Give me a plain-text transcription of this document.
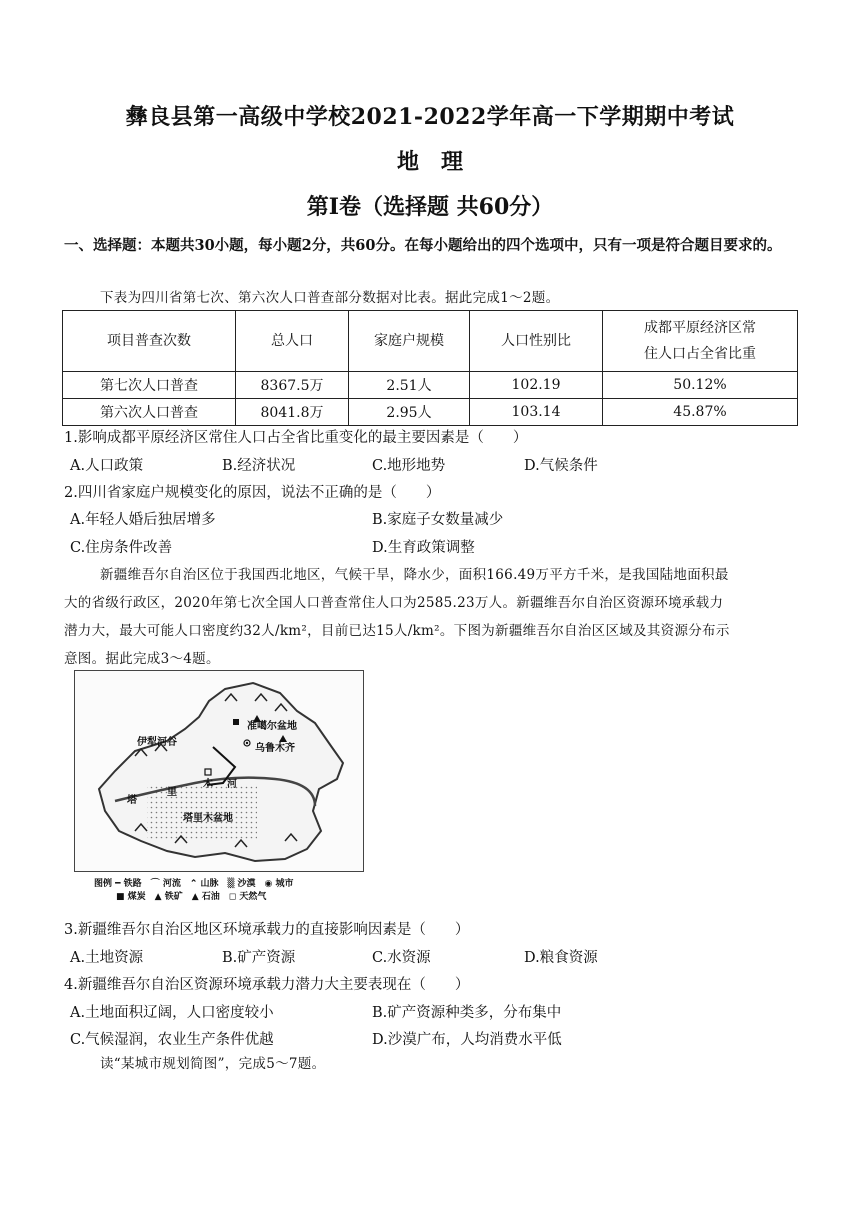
彝良县第一高级中学校2021-2022学年高一下学期期中考试
地　理
第Ⅰ卷（选择题 共60分）
一、选择题：本题共30小题，每小题2分，共60分。在每小题给出的四个选项中，只有一项是符合题目要求的。
下表为四川省第七次、第六次人口普查部分数据对比表。据此完成1～2题。
项目普查次数	总人口	家庭户规模	人口性别比	成都平原经济区常
住人口占全省比重

第七次人口普查	8367.5万	2.51人	102.19	50.12%
第六次人口普查	8041.8万	2.95人	103.14	45.87%
1.影响成都平原经济区常住人口占全省比重变化的最主要因素是（　　）
A.人口政策	B.经济状况	C.地形地势	D.气候条件
2.四川省家庭户规模变化的原因，说法不正确的是（　　）
A.年轻人婚后独居增多	B.家庭子女数量减少
C.住房条件改善	D.生育政策调整
新疆维吾尔自治区位于我国西北地区，气候干旱，降水少，面积166.49万平方千米，是我国陆地面积最
大的省级行政区，2020年第七次全国人口普查常住人口为2585.23万人。新疆维吾尔自治区资源环境承载力
潜力大，最大可能人口密度约32人/km²，目前已达15人/km²。下图为新疆维吾尔自治区区域及其资源分布示
意图。据此完成3～4题。
伊犁河谷
准噶尔盆地
乌鲁木齐
塔里木盆地
塔
里
木 河
图例 ━ 铁路　⌒ 河流　⌃ 山脉　▒ 沙漠　◉ 城市
■ 煤炭　▲ 铁矿　▲ 石油　◻ 天然气
3.新疆维吾尔自治区地区环境承载力的直接影响因素是（　　）
A.土地资源	B.矿产资源	C.水资源	D.粮食资源
4.新疆维吾尔自治区资源环境承载力潜力大主要表现在（　　）
A.土地面积辽阔，人口密度较小	B.矿产资源种类多，分布集中
C.气候湿润，农业生产条件优越	D.沙漠广布，人均消费水平低
读“某城市规划简图”，完成5～7题。
